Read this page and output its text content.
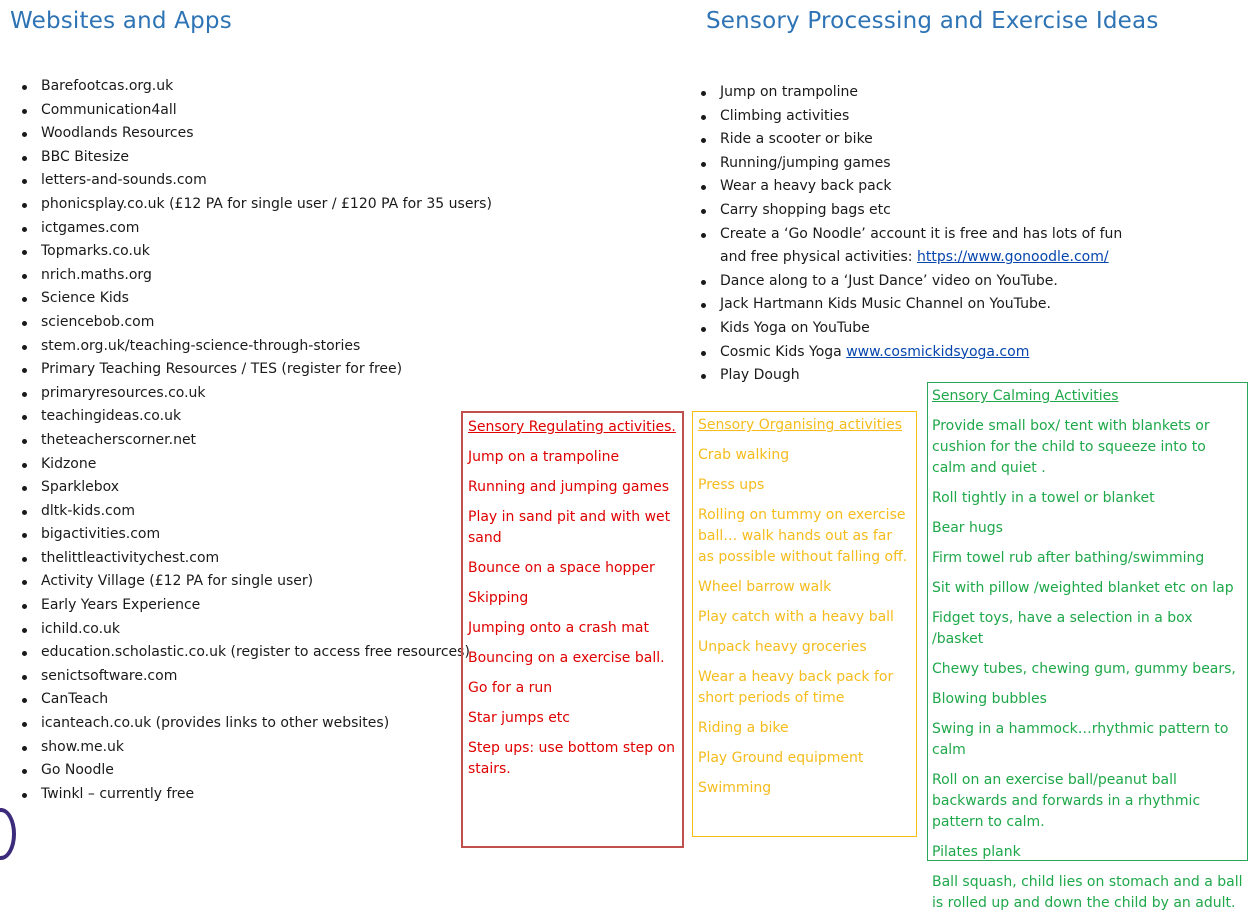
Websites and Apps	Sensory Processing and Exercise Ideas
Barefootcas.org.uk
Communication4all
Woodlands Resources
BBC Bitesize
letters-and-sounds.com
phonicsplay.co.uk (£12 PA for single user / £120 PA for 35 users)
ictgames.com
Topmarks.co.uk
nrich.maths.org
Science Kids
sciencebob.com
stem.org.uk/teaching-science-through-stories
Primary Teaching Resources / TES (register for free)
primaryresources.co.uk
teachingideas.co.uk
theteacherscorner.net
Kidzone
Sparklebox
dltk-kids.com
bigactivities.com
thelittleactivitychest.com
Activity Village (£12 PA for single user)
Early Years Experience
ichild.co.uk
education.scholastic.co.uk (register to access free resources)
senictsoftware.com
CanTeach
icanteach.co.uk (provides links to other websites)
show.me.uk
Go Noodle
Twinkl – currently free
Jump on trampoline
Climbing activities
Ride a scooter or bike
Running/jumping games
Wear a heavy back pack
Carry shopping bags etc
Create a ‘Go Noodle’ account it is free and has lots of fun and free physical activities: https://www.gonoodle.com/
Dance along to a ‘Just Dance’ video on YouTube.
Jack Hartmann Kids Music Channel on YouTube.
Kids Yoga on YouTube
Cosmic Kids Yoga www.cosmickidsyoga.com
Play Dough
Sensory Regulating activities.
Jump on a trampoline
Running and jumping games
Play in sand pit and with wet sand
Bounce on a space hopper
Skipping
Jumping onto a crash mat
Bouncing on a exercise ball.
Go for a run
Star jumps etc
Step ups: use bottom step on stairs.
Sensory Organising activities
Crab walking
Press ups
Rolling on tummy on exercise ball… walk hands out as far as possible without falling off.
Wheel barrow walk
Play catch with a heavy ball
Unpack heavy groceries
Wear a heavy back pack for short periods of time
Riding a bike
Play Ground equipment
Swimming
Sensory Calming Activities
Provide small box/ tent with blankets or cushion for the child to squeeze into to calm and quiet .
Roll tightly in a towel or blanket
Bear hugs
Firm towel rub after bathing/swimming
Sit with pillow /weighted blanket etc on lap
Fidget toys, have a selection in a box /basket
Chewy tubes, chewing gum, gummy bears,
Blowing bubbles
Swing in a hammock…rhythmic pattern to calm
Roll on an exercise ball/peanut ball backwards and forwards in a rhythmic pattern to calm.
Pilates plank
Ball squash, child lies on stomach and a ball is rolled up and down the child by an adult.
